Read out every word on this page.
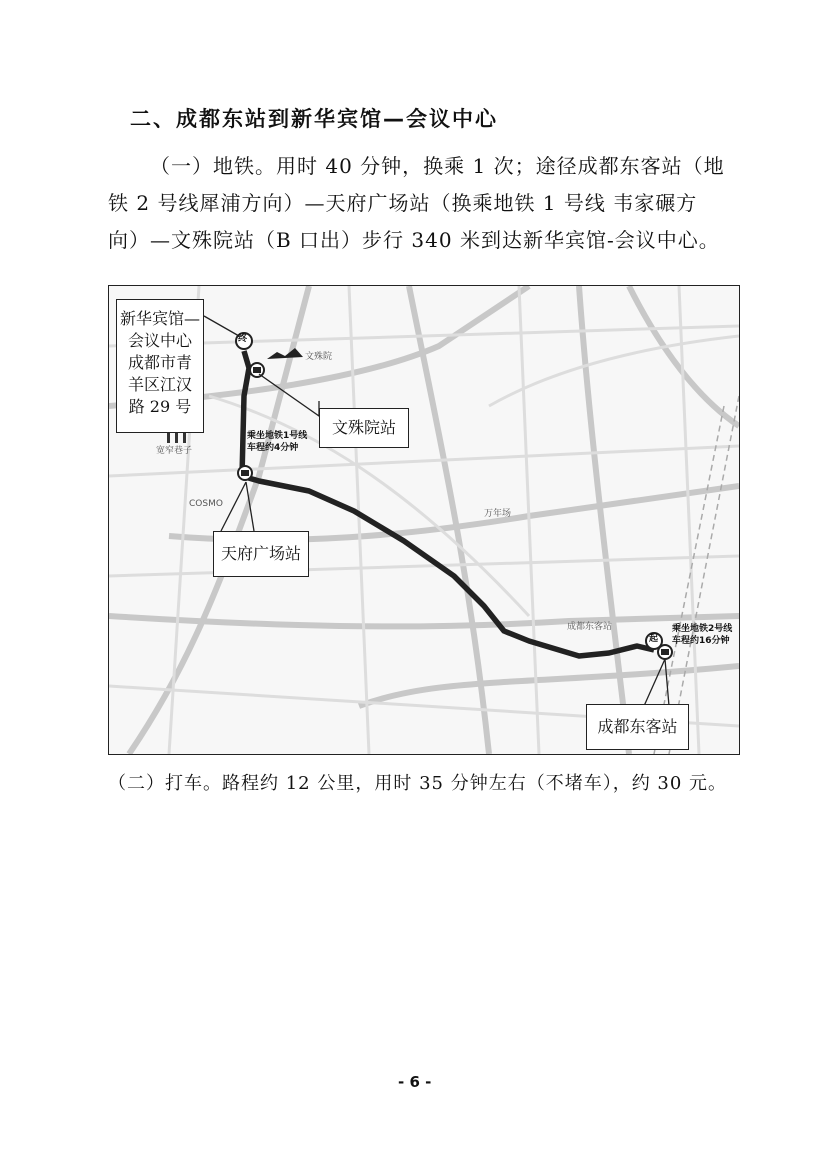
二、成都东站到新华宾馆—会议中心

（一）地铁。用时 40 分钟，换乘 1 次；途径成都东客站（地

铁 2 号线犀浦方向）—天府广场站（换乘地铁 1 号线 韦家碾方

向）—文殊院站（B 口出）步行 340 米到达新华宾馆-会议中心。

乘坐地铁1号线
车程约4分钟
乘坐地铁2号线
车程约16分钟
文殊院
宽窄巷子
万年场
COSMO
成都东客站
新华宾馆—
会议中心
成都市青
羊区江汉
路 29 号
文殊院站
天府广场站
成都东客站
终
起
（二）打车。路程约 12 公里，用时 35 分钟左右（不堵车），约 30 元。
- 6 -
